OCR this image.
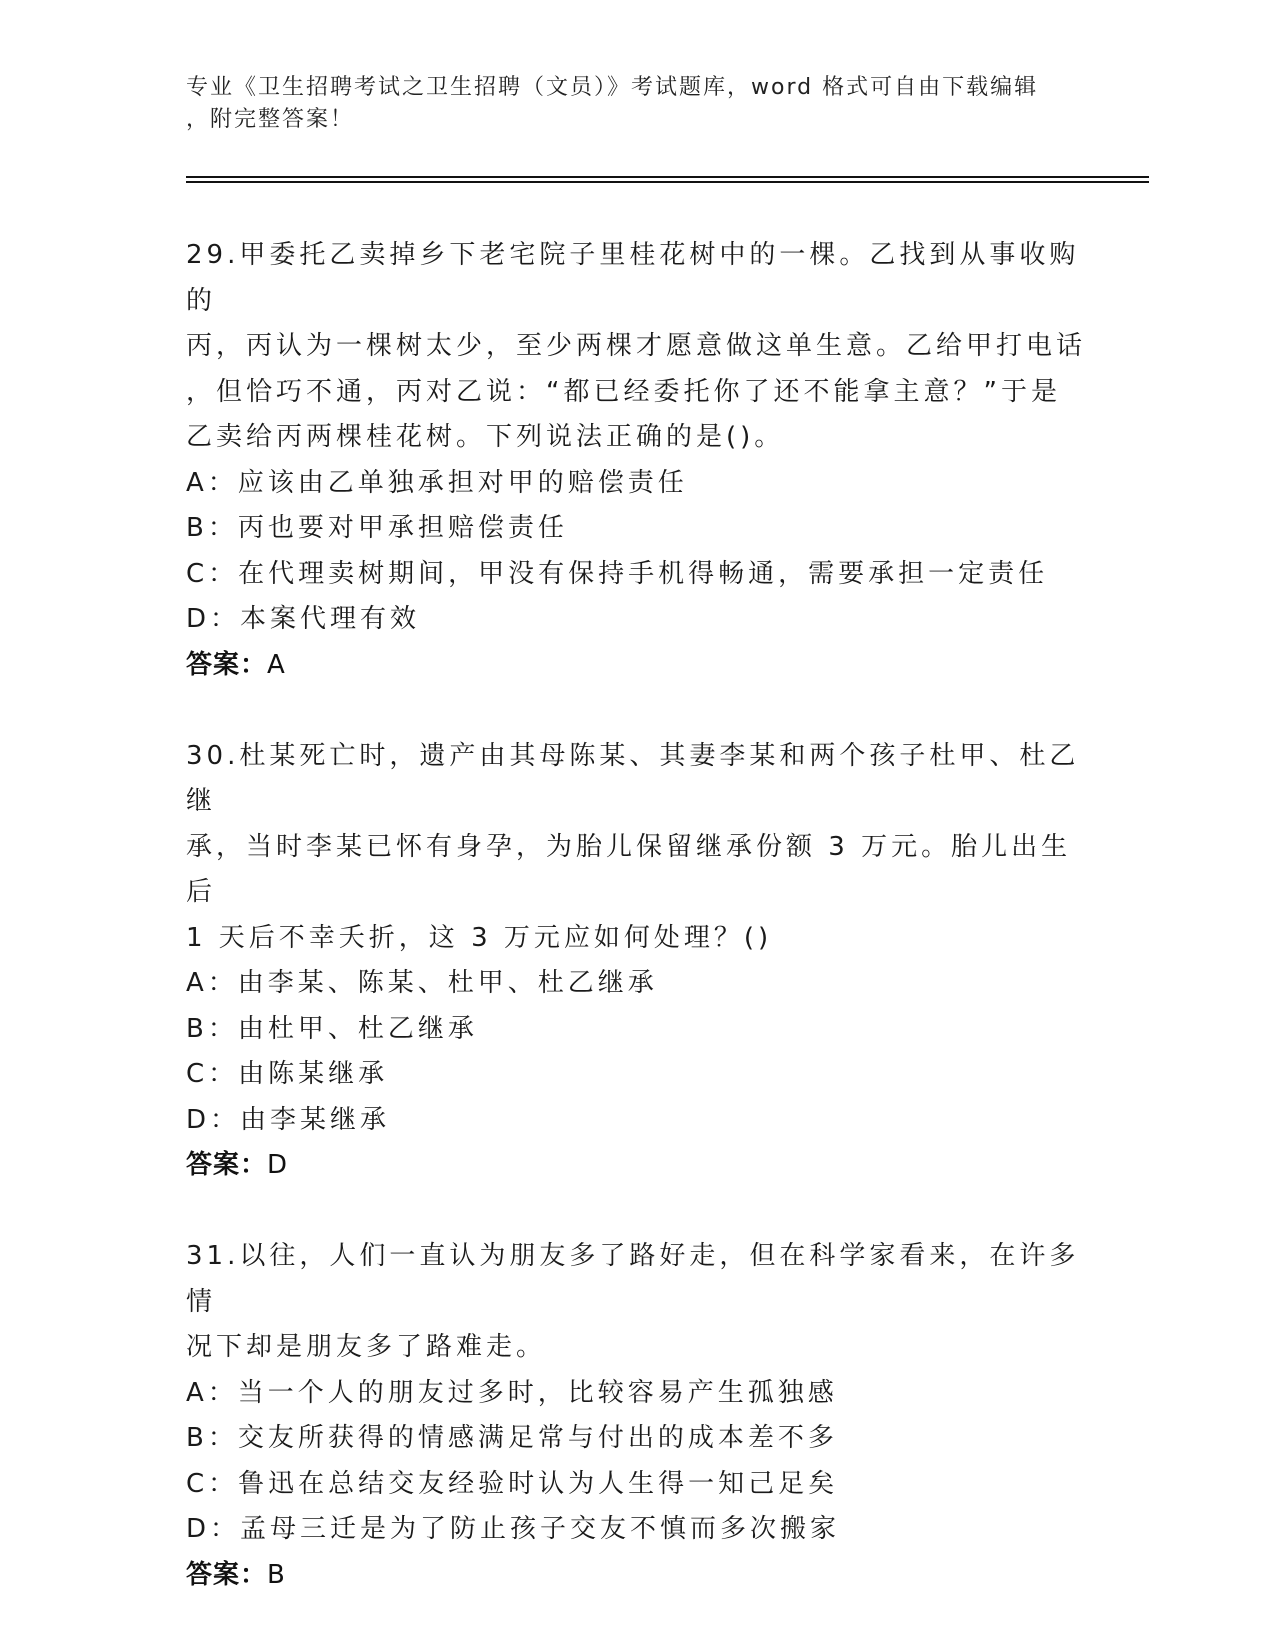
专业《卫生招聘考试之卫生招聘（文员）》考试题库，word 格式可自由下载编辑
，附完整答案！
29.甲委托乙卖掉乡下老宅院子里桂花树中的一棵。乙找到从事收购的
丙，丙认为一棵树太少，至少两棵才愿意做这单生意。乙给甲打电话
，但恰巧不通，丙对乙说：“都已经委托你了还不能拿主意？”于是
乙卖给丙两棵桂花树。下列说法正确的是()。
A：应该由乙单独承担对甲的赔偿责任
B：丙也要对甲承担赔偿责任
C：在代理卖树期间，甲没有保持手机得畅通，需要承担一定责任
D：本案代理有效
答案：A
30.杜某死亡时，遗产由其母陈某、其妻李某和两个孩子杜甲、杜乙继
承，当时李某已怀有身孕，为胎儿保留继承份额 3 万元。胎儿出生后
1 天后不幸夭折，这 3 万元应如何处理？()
A：由李某、陈某、杜甲、杜乙继承
B：由杜甲、杜乙继承
C：由陈某继承
D：由李某继承
答案：D
31.以往，人们一直认为朋友多了路好走，但在科学家看来，在许多情
况下却是朋友多了路难走。
A：当一个人的朋友过多时，比较容易产生孤独感
B：交友所获得的情感满足常与付出的成本差不多
C：鲁迅在总结交友经验时认为人生得一知己足矣
D：孟母三迁是为了防止孩子交友不慎而多次搬家
答案：B
